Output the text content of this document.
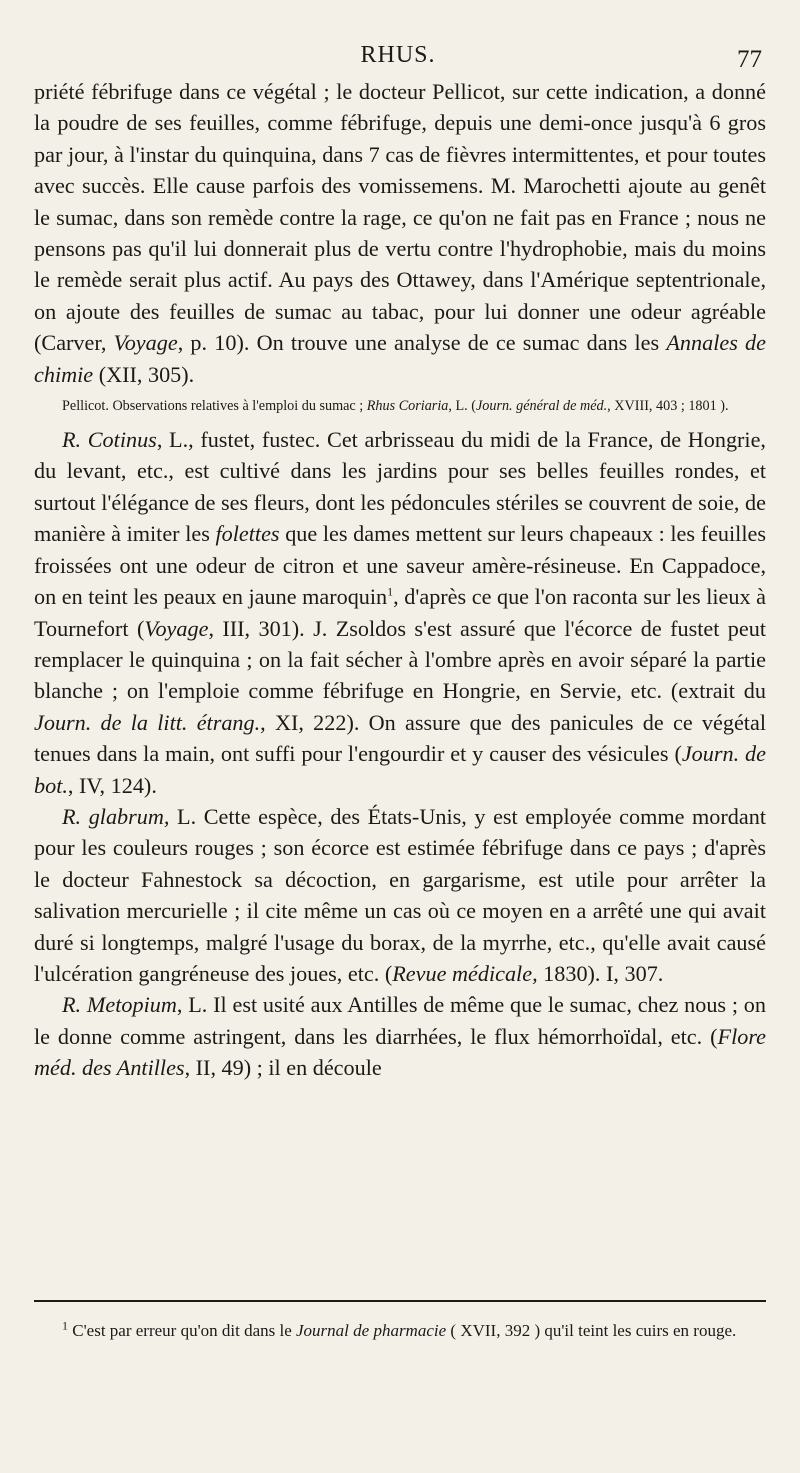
RHUS.	77

priété fébrifuge dans ce végétal ; le docteur Pellicot, sur cette indication, a donné la poudre de ses feuilles, comme fébrifuge, depuis une demi-once jusqu'à 6 gros par jour, à l'instar du quinquina, dans 7 cas de fièvres intermittentes, et pour toutes avec succès. Elle cause parfois des vomissemens. M. Marochetti ajoute au genêt le sumac, dans son remède contre la rage, ce qu'on ne fait pas en France ; nous ne pensons pas qu'il lui donnerait plus de vertu contre l'hydrophobie, mais du moins le remède serait plus actif. Au pays des Ottawey, dans l'Amérique septentrionale, on ajoute des feuilles de sumac au tabac, pour lui donner une odeur agréable (Carver, Voyage, p. 10). On trouve une analyse de ce sumac dans les Annales de chimie (XII, 305).

Pellicot. Observations relatives à l'emploi du sumac ; Rhus Coriaria, L. (Journ. général de méd., XVIII, 403 ; 1801 ).

R. Cotinus, L., fustet, fustec. Cet arbrisseau du midi de la France, de Hongrie, du levant, etc., est cultivé dans les jardins pour ses belles feuilles rondes, et surtout l'élégance de ses fleurs, dont les pédoncules stériles se couvrent de soie, de manière à imiter les folettes que les dames mettent sur leurs chapeaux : les feuilles froissées ont une odeur de citron et une saveur amère-résineuse. En Cappadoce, on en teint les peaux en jaune maroquin$^1$, d'après ce que l'on raconta sur les lieux à Tournefort (Voyage, III, 301). J. Zsoldos s'est assuré que l'écorce de fustet peut remplacer le quinquina ; on la fait sécher à l'ombre après en avoir séparé la partie blanche ; on l'emploie comme fébrifuge en Hongrie, en Servie, etc. (extrait du Journ. de la litt. étrang., XI, 222). On assure que des panicules de ce végétal tenues dans la main, ont suffi pour l'engourdir et y causer des vésicules (Journ. de bot., IV, 124).

R. glabrum, L. Cette espèce, des États-Unis, y est employée comme mordant pour les couleurs rouges ; son écorce est estimée fébrifuge dans ce pays ; d'après le docteur Fahnestock sa décoction, en gargarisme, est utile pour arrêter la salivation mercurielle ; il cite même un cas où ce moyen en a arrêté une qui avait duré si longtemps, malgré l'usage du borax, de la myrrhe, etc., qu'elle avait causé l'ulcération gangréneuse des joues, etc. (Revue médicale, 1830). I, 307.

R. Metopium, L. Il est usité aux Antilles de même que le sumac, chez nous ; on le donne comme astringent, dans les diarrhées, le flux hémorrhoïdal, etc. (Flore méd. des Antilles, II, 49) ; il en découle

$^1$ C'est par erreur qu'on dit dans le Journal de pharmacie ( XVII, 392 ) qu'il teint les cuirs en rouge.
